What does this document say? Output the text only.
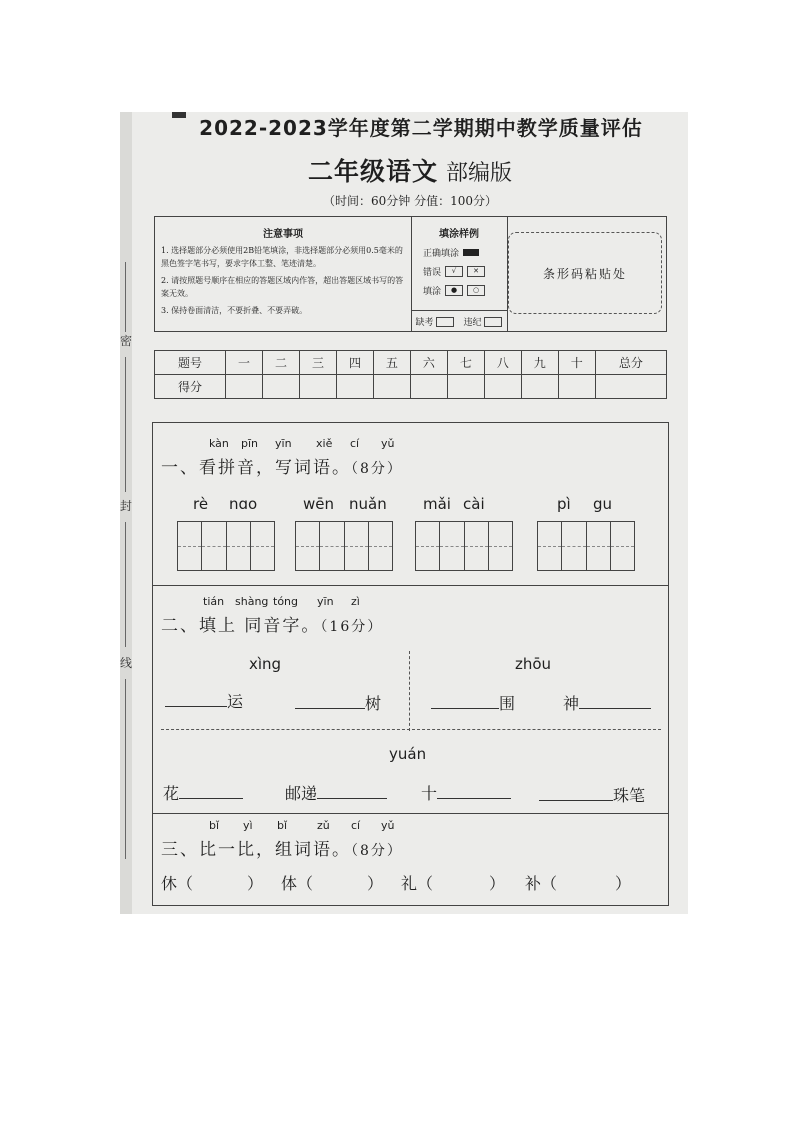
密
封
线
2022-2023学年度第二学期期中教学质量评估
二年级语文 部编版
（时间：60分钟 分值：100分）
注意事项

1. 选择题部分必须使用2B铅笔填涂，非选择题部分必须用0.5毫米的黑色签字笔书写，要求字体工整、笔迹清楚。

2. 请按照题号顺序在相应的答题区域内作答，超出答题区域书写的答案无效。

3. 保持卷面清洁，不要折叠、不要弄破。

填涂样例
正确填涂
错误	√	✕
填涂	●	○
缺考	违纪
条形码粘贴处
题号	一	二	三	四	五	六	七	八	九	十	总分
得分											
kàn pīn yīn xiě cí yǔ
一、看拼音，写词语。（8分）
rè nɑo	wēn nuǎn mǎi cài	pì gu
tián shàng tóng yīn zì
二、填上 同音字。（16分）
xìng	zhōu
运	树	围	神
yuán
花	邮递	十	珠笔
bǐ yì bǐ	zǔ cí yǔ
三、比一比，组词语。（8分）
休（	） 体（	） 礼（	） 补（	）
